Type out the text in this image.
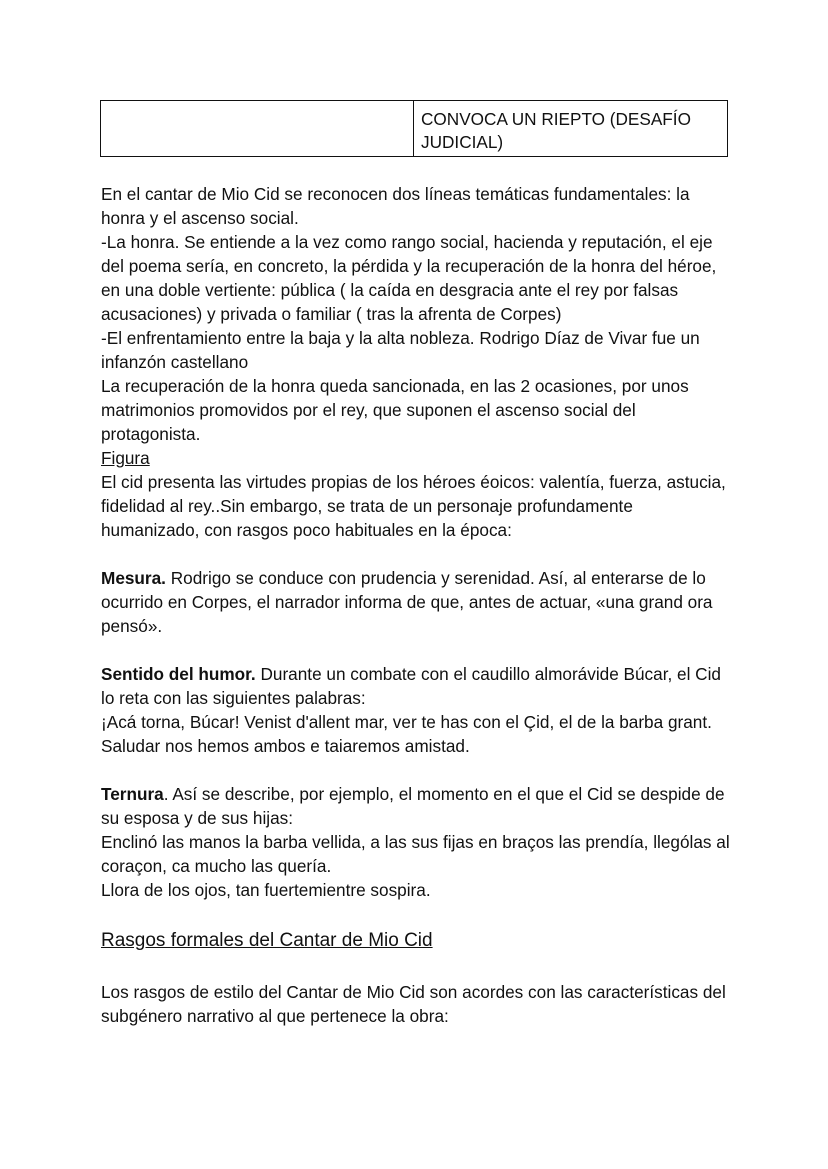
	CONVOCA UN RIEPTO (DESAFÍO JUDICIAL)

En el cantar de Mio Cid se reconocen dos líneas temáticas fundamentales: la honra y el ascenso social.

-La honra. Se entiende a la vez como rango social, hacienda y reputación, el eje del poema sería, en concreto, la pérdida y la recuperación de la honra del héroe, en una doble vertiente: pública ( la caída en desgracia ante el rey por falsas acusaciones) y privada o familiar ( tras la afrenta de Corpes)

-El enfrentamiento entre la baja y la alta nobleza. Rodrigo Díaz de Vivar fue un infanzón castellano

La recuperación de la honra queda sancionada, en las 2 ocasiones, por unos matrimonios promovidos por el rey, que suponen el ascenso social del protagonista.

Figura

El cid presenta las virtudes propias de los héroes éoicos: valentía, fuerza, astucia, fidelidad al rey..Sin embargo, se trata de un personaje profundamente humanizado, con rasgos poco habituales en la época:

Mesura. Rodrigo se conduce con prudencia y serenidad. Así, al enterarse de lo ocurrido en Corpes, el narrador informa de que, antes de actuar, «una grand ora pensó».

Sentido del humor. Durante un combate con el caudillo almorávide Búcar, el Cid lo reta con las siguientes palabras:

¡Acá torna, Búcar! Venist d'allent mar, ver te has con el Çid, el de la barba grant.

Saludar nos hemos ambos e taiaremos amistad.

Ternura. Así se describe, por ejemplo, el momento en el que el Cid se despide de su esposa y de sus hijas:

Enclinó las manos la barba vellida, a las sus fijas en braços las prendía, llególas al coraçon, ca mucho las quería.

Llora de los ojos, tan fuertemientre sospira.

Rasgos formales del Cantar de Mio Cid

Los rasgos de estilo del Cantar de Mio Cid son acordes con las características del subgénero narrativo al que pertenece la obra:
